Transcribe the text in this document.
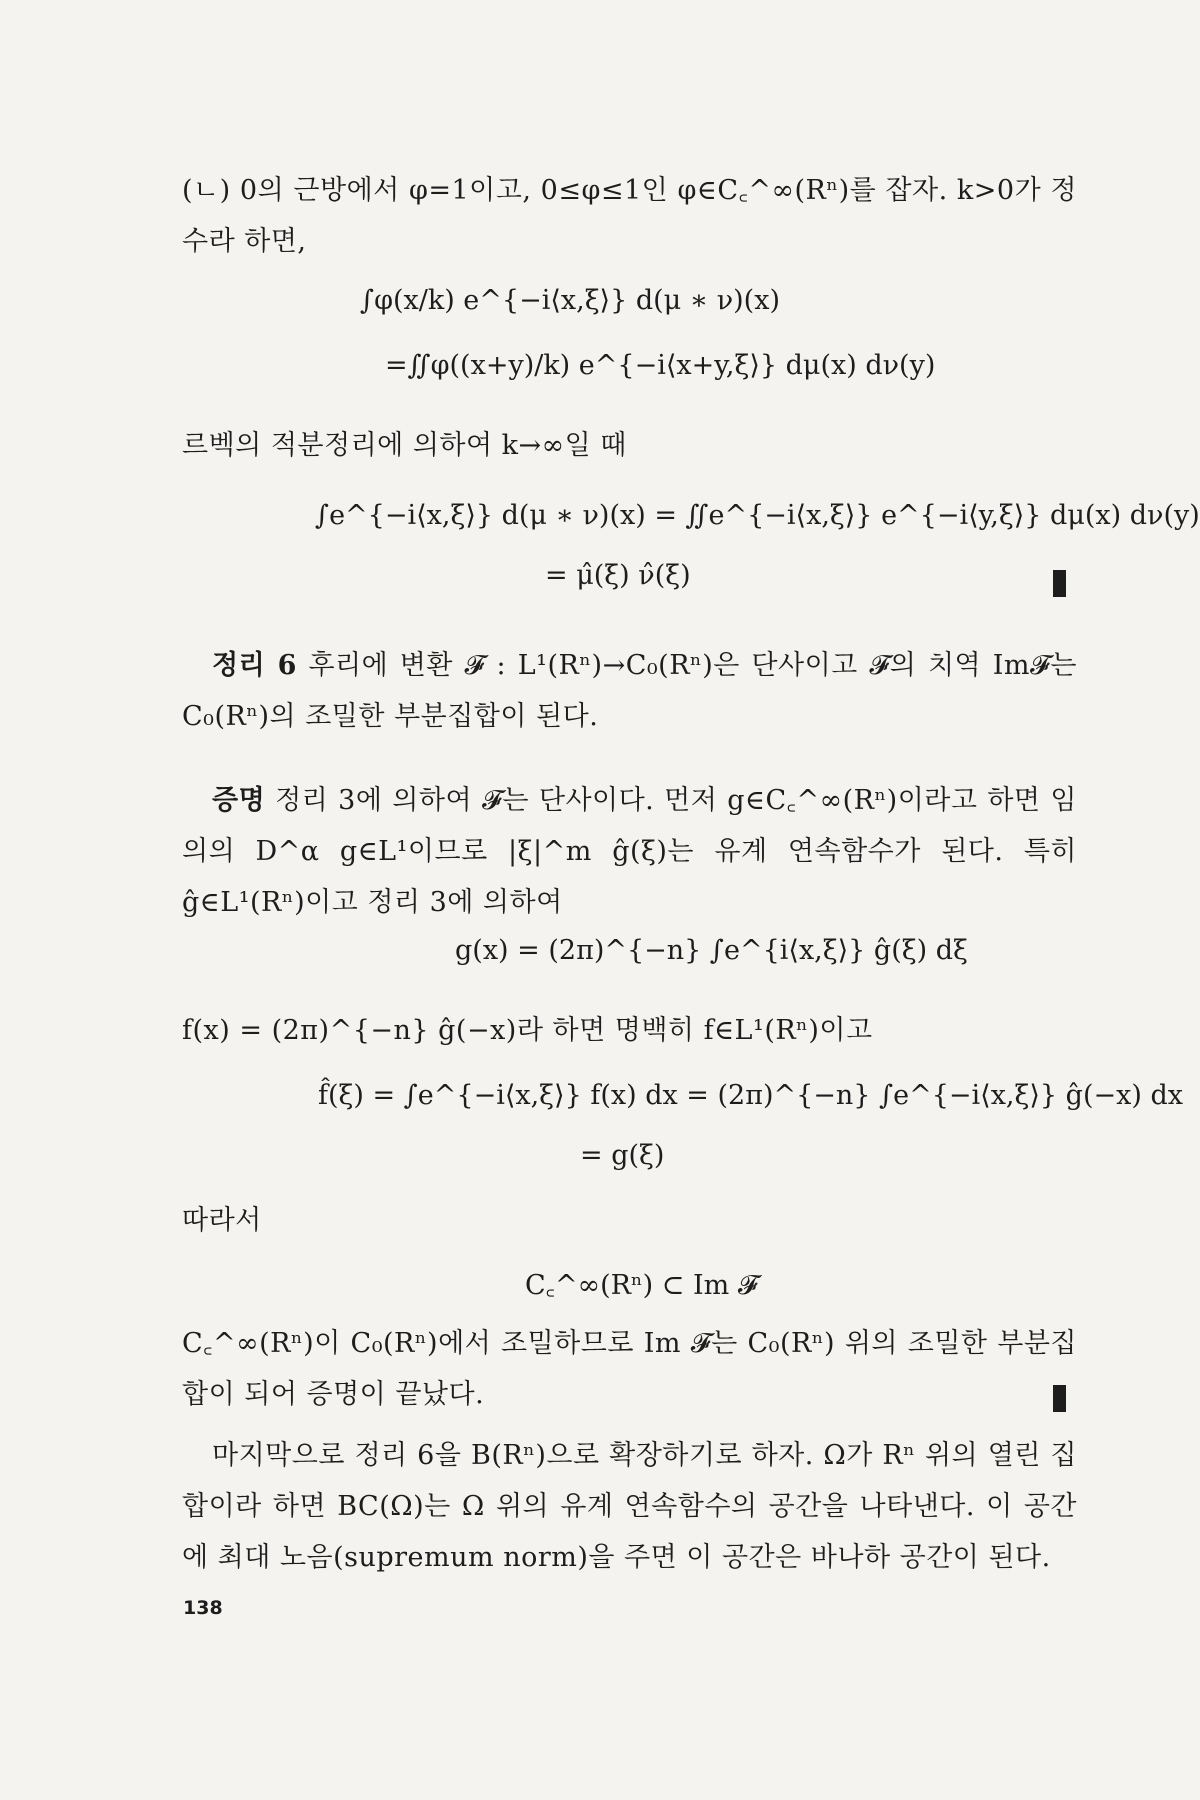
(ㄴ) 0의 근방에서 φ=1이고, 0≤φ≤1인 φ∈C꜀^∞(Rⁿ)를 잡자. k>0가 정수라 하면,
∫φ(x/k) e^{−i⟨x,ξ⟩} d(μ ∗ ν)(x)
=∬φ((x+y)/k) e^{−i⟨x+y,ξ⟩} dμ(x) dν(y)
르벡의 적분정리에 의하여 k→∞일 때
∫e^{−i⟨x,ξ⟩} d(μ ∗ ν)(x) = ∬e^{−i⟨x,ξ⟩} e^{−i⟨y,ξ⟩} dμ(x) dν(y)
= μ̂(ξ) ν̂(ξ)
정리 6 후리에 변환 𝓕 : L¹(Rⁿ)→C₀(Rⁿ)은 단사이고 𝓕의 치역 Im𝓕는 C₀(Rⁿ)의 조밀한 부분집합이 된다.
증명 정리 3에 의하여 𝓕는 단사이다. 먼저 g∈C꜀^∞(Rⁿ)이라고 하면 임의의 D^α g∈L¹이므로 |ξ|^m ĝ(ξ)는 유계 연속함수가 된다. 특히 ĝ∈L¹(Rⁿ)이고 정리 3에 의하여
g(x) = (2π)^{−n} ∫e^{i⟨x,ξ⟩} ĝ(ξ) dξ
f(x) = (2π)^{−n} ĝ(−x)라 하면 명백히 f∈L¹(Rⁿ)이고
f̂(ξ) = ∫e^{−i⟨x,ξ⟩} f(x) dx = (2π)^{−n} ∫e^{−i⟨x,ξ⟩} ĝ(−x) dx
= g(ξ)
따라서
C꜀^∞(Rⁿ) ⊂ Im 𝓕
C꜀^∞(Rⁿ)이 C₀(Rⁿ)에서 조밀하므로 Im 𝓕는 C₀(Rⁿ) 위의 조밀한 부분집합이 되어 증명이 끝났다.
마지막으로 정리 6을 B(Rⁿ)으로 확장하기로 하자. Ω가 Rⁿ 위의 열린 집합이라 하면 BC(Ω)는 Ω 위의 유계 연속함수의 공간을 나타낸다. 이 공간에 최대 노음(supremum norm)을 주면 이 공간은 바나하 공간이 된다.
138
